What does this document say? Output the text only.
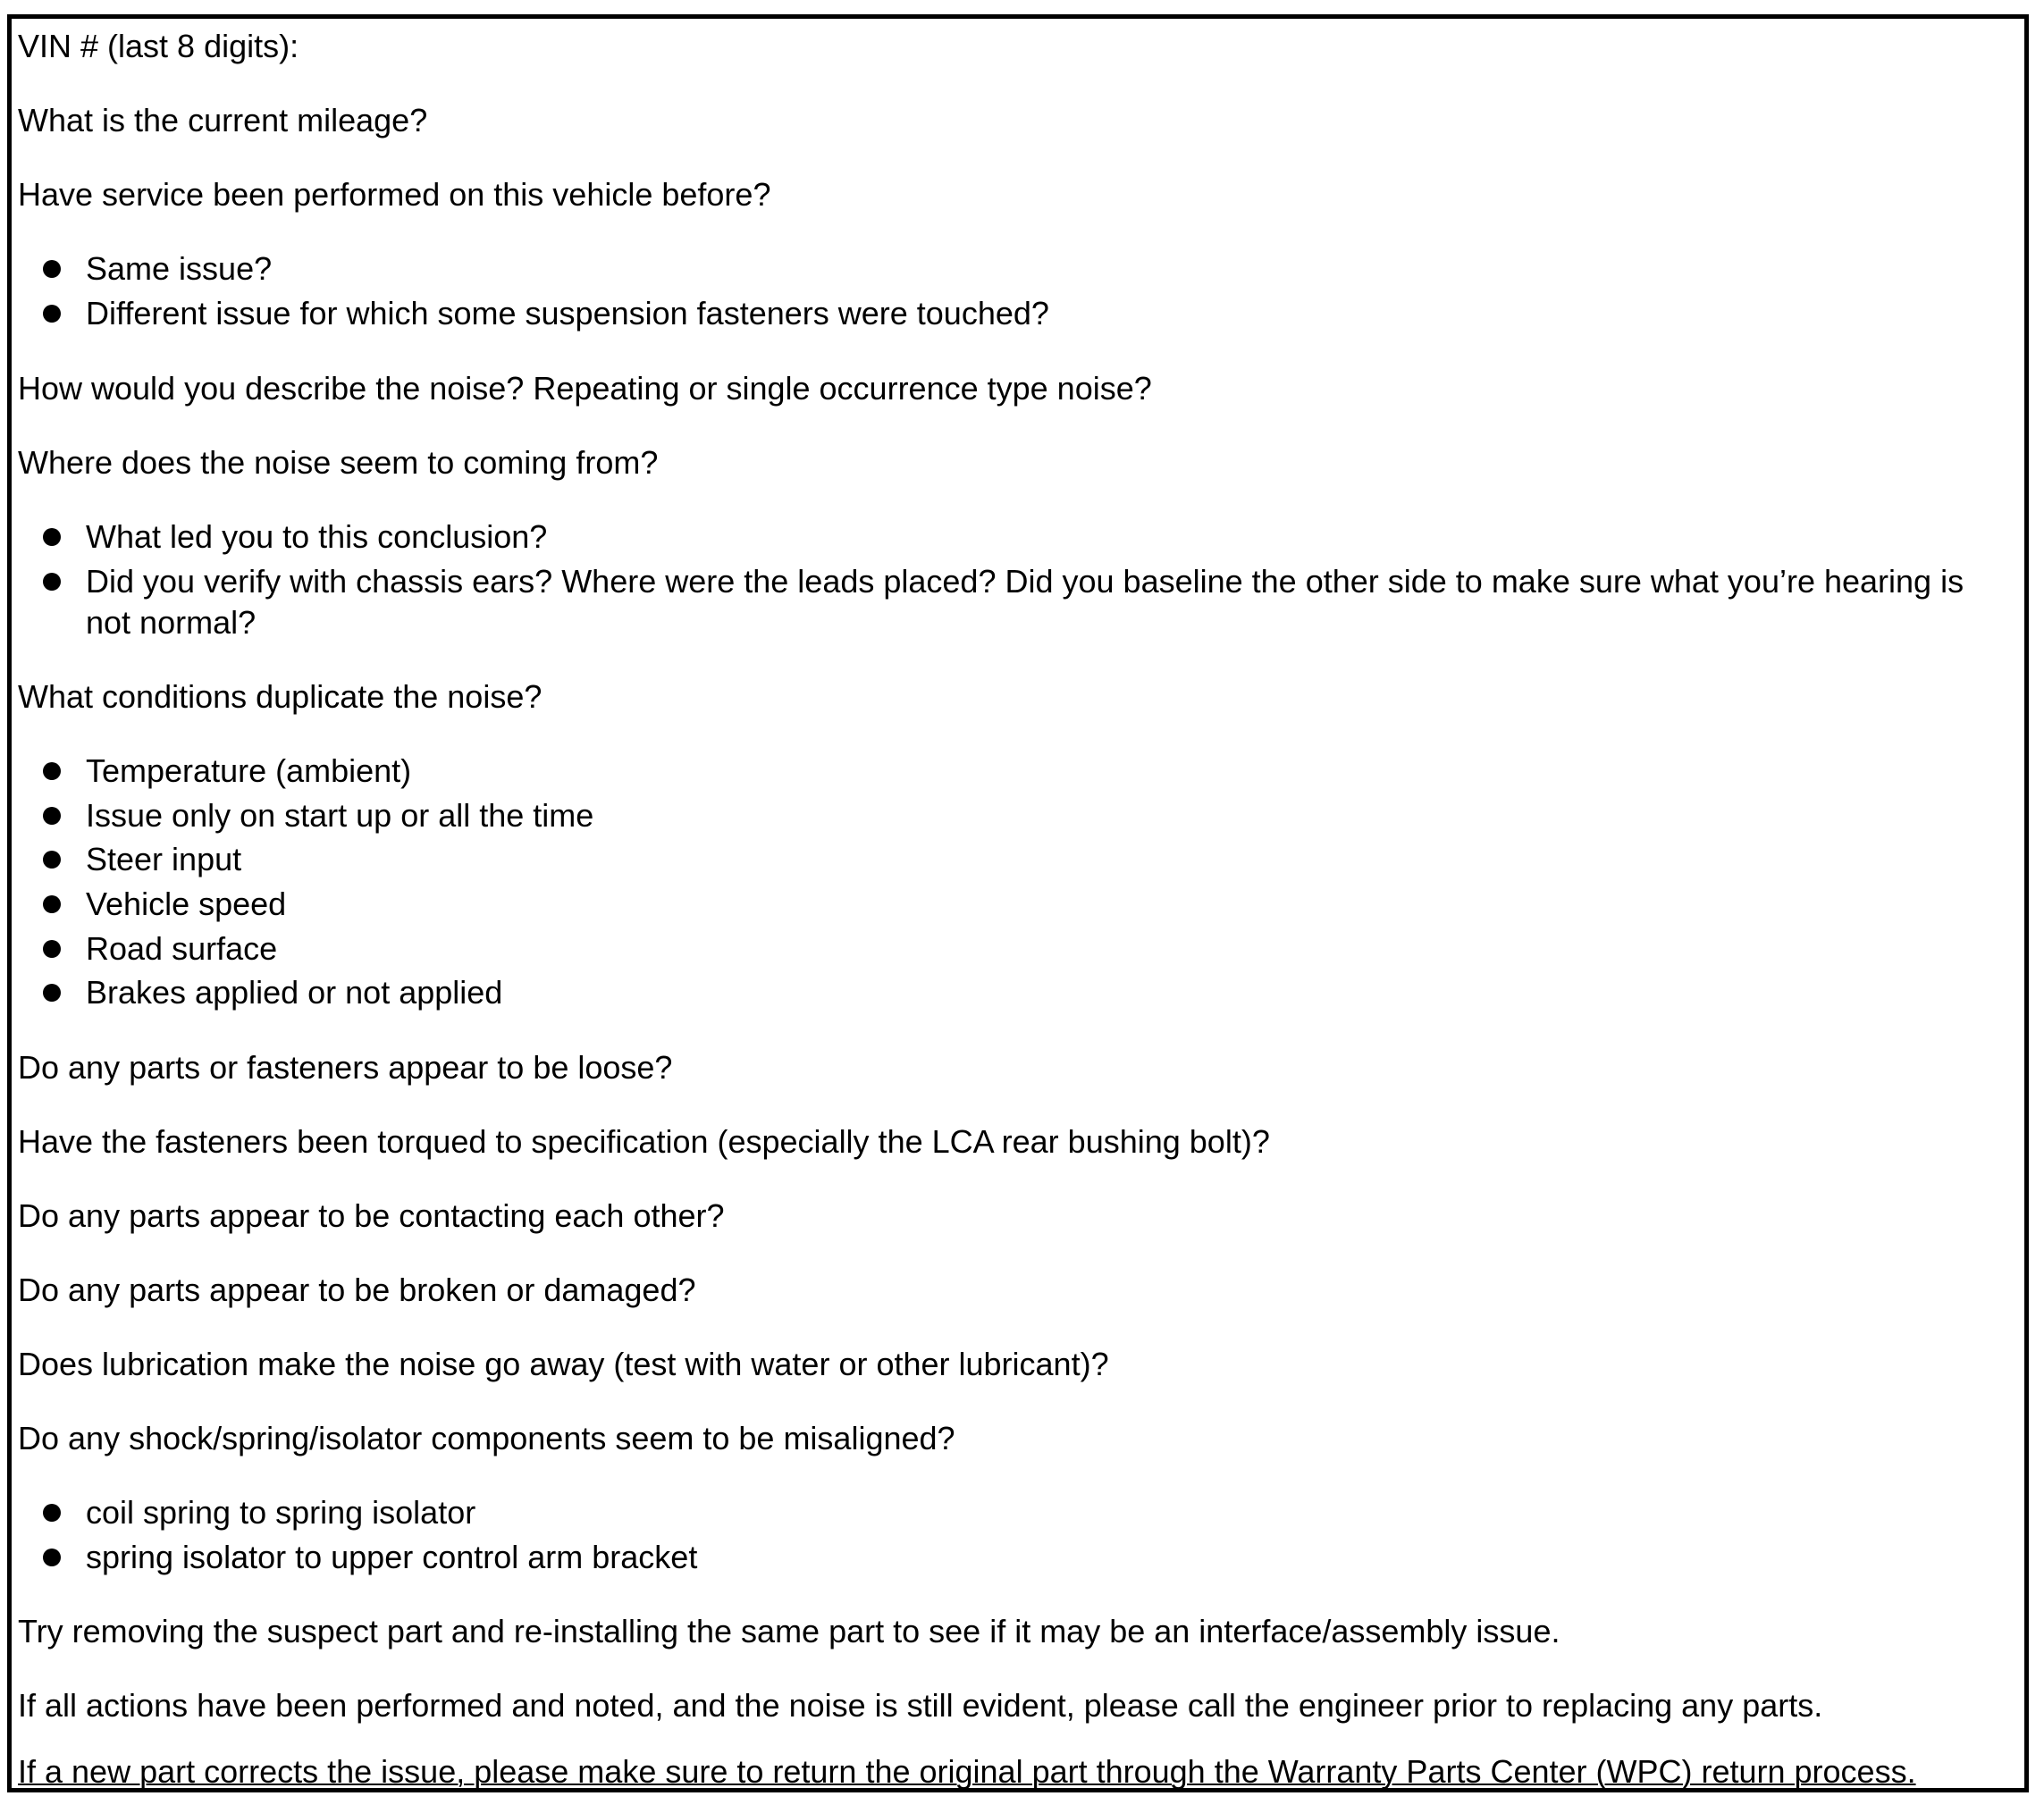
VIN # (last 8 digits):
What is the current mileage?
Have service been performed on this vehicle before?
Same issue?
Different issue for which some suspension fasteners were touched?
How would you describe the noise? Repeating or single occurrence type noise?
Where does the noise seem to coming from?
What led you to this conclusion?
Did you verify with chassis ears? Where were the leads placed? Did you baseline the other side to make sure what you’re hearing is not normal?
What conditions duplicate the noise?
Temperature (ambient)
Issue only on start up or all the time
Steer input
Vehicle speed
Road surface
Brakes applied or not applied
Do any parts or fasteners appear to be loose?
Have the fasteners been torqued to specification (especially the LCA rear bushing bolt)?
Do any parts appear to be contacting each other?
Do any parts appear to be broken or damaged?
Does lubrication make the noise go away (test with water or other lubricant)?
Do any shock/spring/isolator components seem to be misaligned?
coil spring to spring isolator
spring isolator to upper control arm bracket
Try removing the suspect part and re-installing the same part to see if it may be an interface/assembly issue.
If all actions have been performed and noted, and the noise is still evident, please call the engineer prior to replacing any parts.
If a new part corrects the issue, please make sure to return the original part through the Warranty Parts Center (WPC) return process.
